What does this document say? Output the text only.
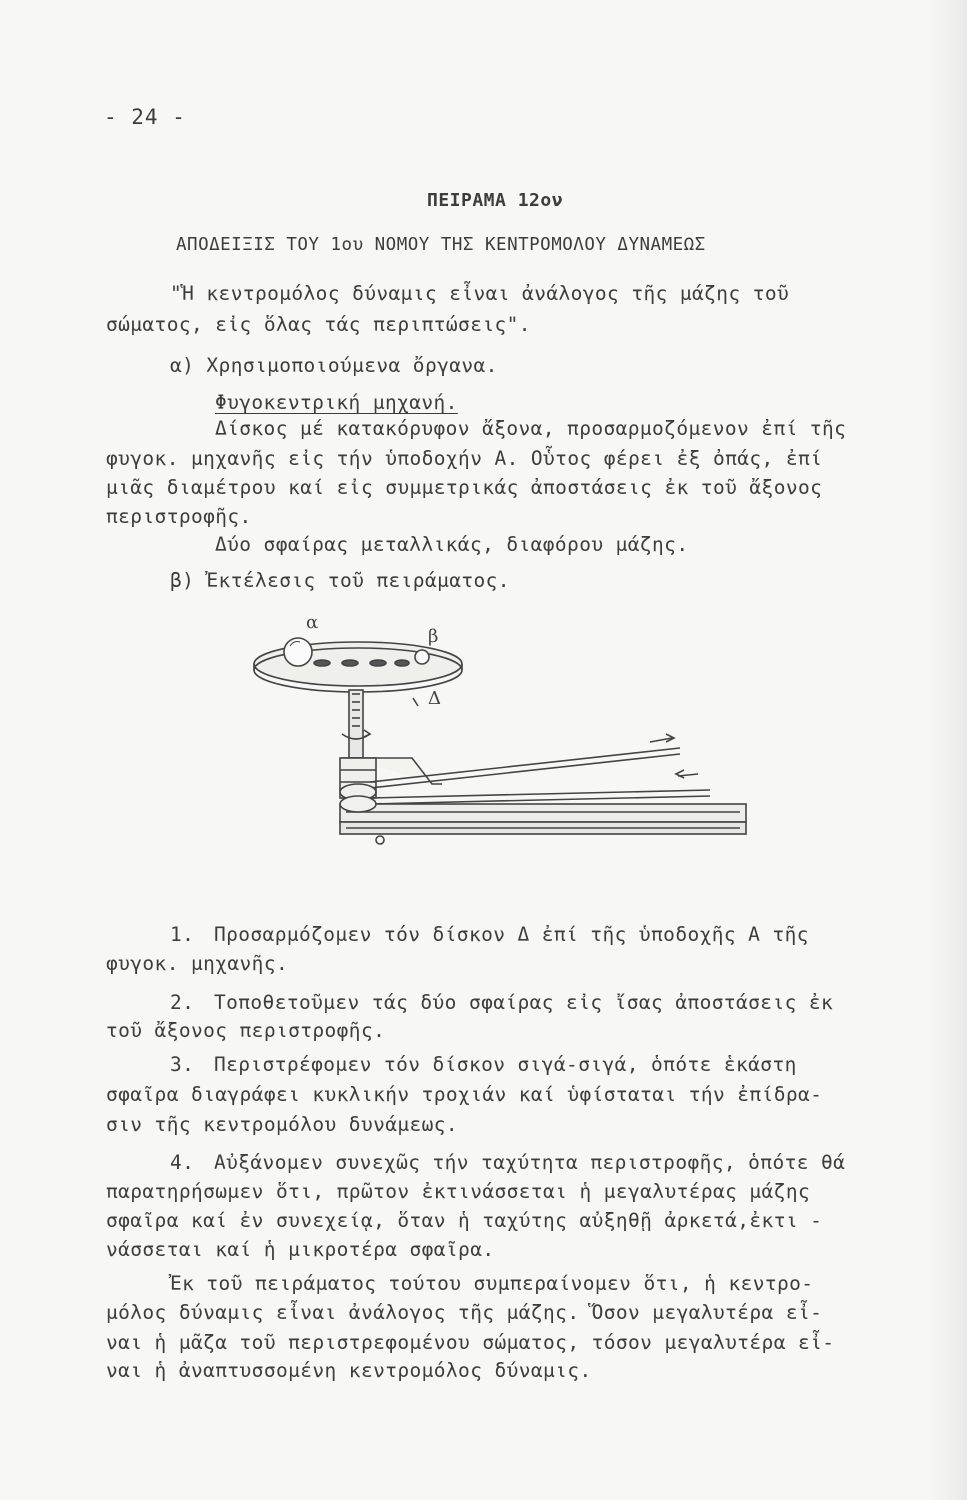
- 24 -
ΠΕΙΡΑΜΑ 12ον
ΑΠΟΔΕΙΞΙΣ ΤΟΥ 1ου ΝΟΜΟΥ ΤΗΣ ΚΕΝΤΡΟΜΟΛΟΥ ΔΥΝΑΜΕΩΣ
"Ἡ κεντρομόλος δύναμις εἶναι ἀνάλογος τῆς μάζης τοῦ
σώματος, εἰς ὅλας τάς περιπτώσεις".
α) Χρησιμοποιούμενα ὄργανα.
Φυγοκεντρική μηχανή.
Δίσκος μέ κατακόρυφον ἄξονα, προσαρμοζόμενον ἐπί τῆς
φυγοκ. μηχανῆς εἰς τήν ὑποδοχήν Α. Οὗτος φέρει ἐξ ὀπάς, ἐπί
μιᾶς διαμέτρου καί εἰς συμμετρικάς ἀποστάσεις ἐκ τοῦ ἄξονος
περιστροφῆς.
Δύο σφαίρας μεταλλικάς, διαφόρου μάζης.
β) Ἐκτέλεσις τοῦ πειράματος.
α
β
Δ
1. Προσαρμόζομεν τόν δίσκον Δ ἐπί τῆς ὑποδοχῆς Α τῆς
φυγοκ. μηχανῆς.
2. Τοποθετοῦμεν τάς δύο σφαίρας εἰς ἴσας ἀποστάσεις ἐκ
τοῦ ἄξονος περιστροφῆς.
3. Περιστρέφομεν τόν δίσκον σιγά-σιγά, ὁπότε ἑκάστη
σφαῖρα διαγράφει κυκλικήν τροχιάν καί ὑφίσταται τήν ἐπίδρα-
σιν τῆς κεντρομόλου δυνάμεως.
4. Αὐξάνομεν συνεχῶς τήν ταχύτητα περιστροφῆς, ὁπότε θά
παρατηρήσωμεν ὅτι, πρῶτον ἐκτινάσσεται ἡ μεγαλυτέρας μάζης
σφαῖρα καί ἐν συνεχείᾳ, ὅταν ἡ ταχύτης αὐξηθῇ ἀρκετά,ἐκτι -
νάσσεται καί ἡ μικροτέρα σφαῖρα.
Ἐκ τοῦ πειράματος τούτου συμπεραίνομεν ὅτι, ἡ κεντρο-
μόλος δύναμις εἶναι ἀνάλογος τῆς μάζης. Ὅσον μεγαλυτέρα εἶ-
ναι ἡ μᾶζα τοῦ περιστρεφομένου σώματος, τόσον μεγαλυτέρα εἶ-
ναι ἡ ἀναπτυσσομένη κεντρομόλος δύναμις.
